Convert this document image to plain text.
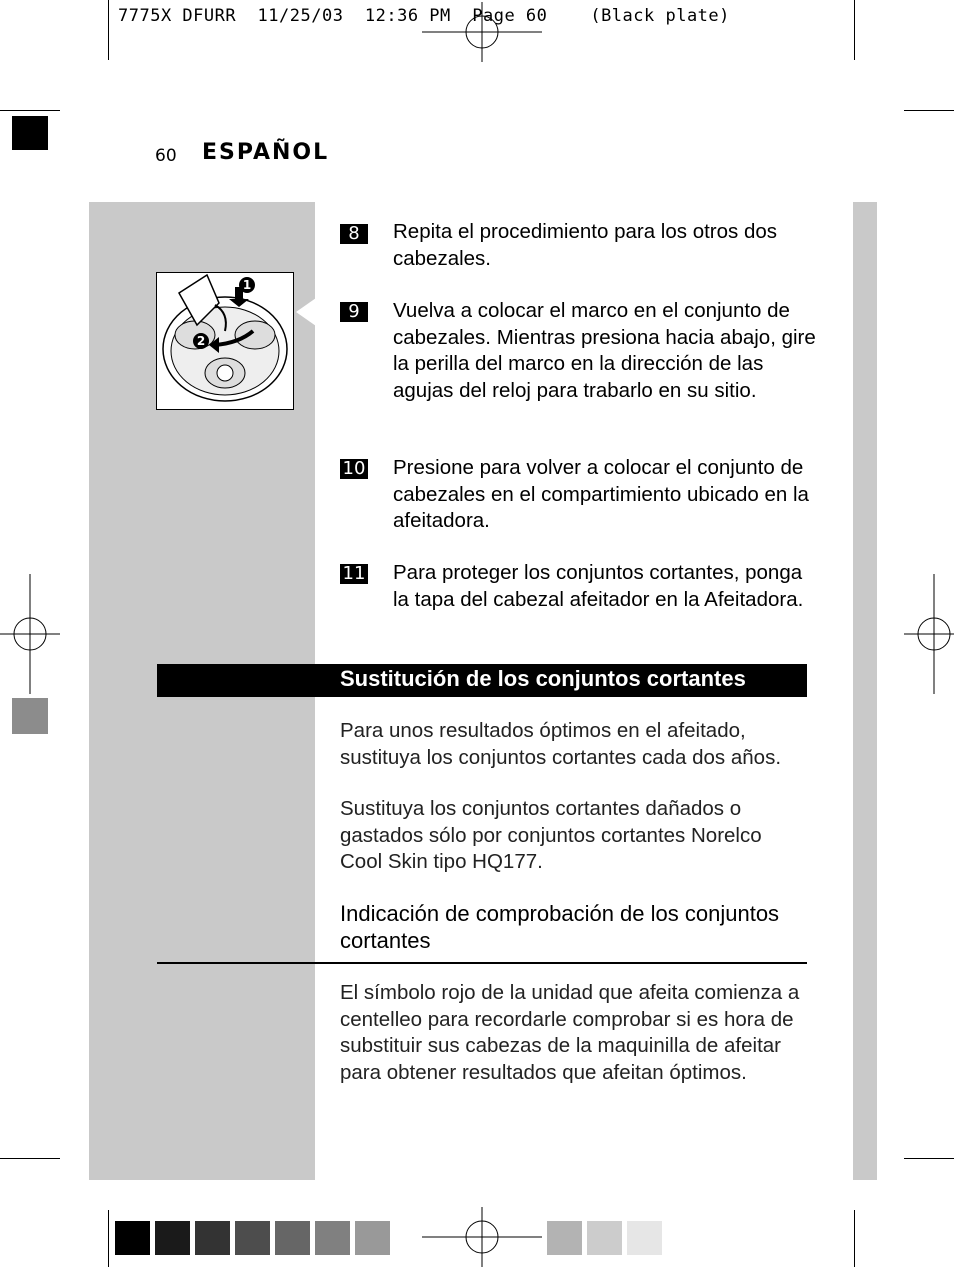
7775X DFURR  11/25/03  12:36 PM  Page 60    (Black plate)
60 ESPAÑOL
1
2
8	Repita el procedimiento para los otros dos cabezales.
9	Vuelva a colocar el marco en el conjunto de cabezales. Mientras presiona hacia abajo, gire la perilla del marco en la dirección de las agujas del reloj para trabarlo en su sitio.
10 Presione para volver a colocar el conjunto de cabezales en el compartimiento ubicado en la afeitadora.
11 Para proteger los conjuntos cortantes, ponga la tapa del cabezal afeitador en la Afeitadora.
Sustitución de los conjuntos cortantes
Para unos resultados óptimos en el afeitado, sustituya los conjuntos cortantes cada dos años.
Sustituya los conjuntos cortantes dañados o gastados sólo por conjuntos cortantes Norelco Cool Skin tipo HQ177.
Indicación de comprobación de los conjuntos cortantes
El símbolo rojo de la unidad que afeita comienza a centelleo para recordarle comprobar si es hora de substituir sus cabezas de la maquinilla de afeitar para obtener resultados que afeitan óptimos.
